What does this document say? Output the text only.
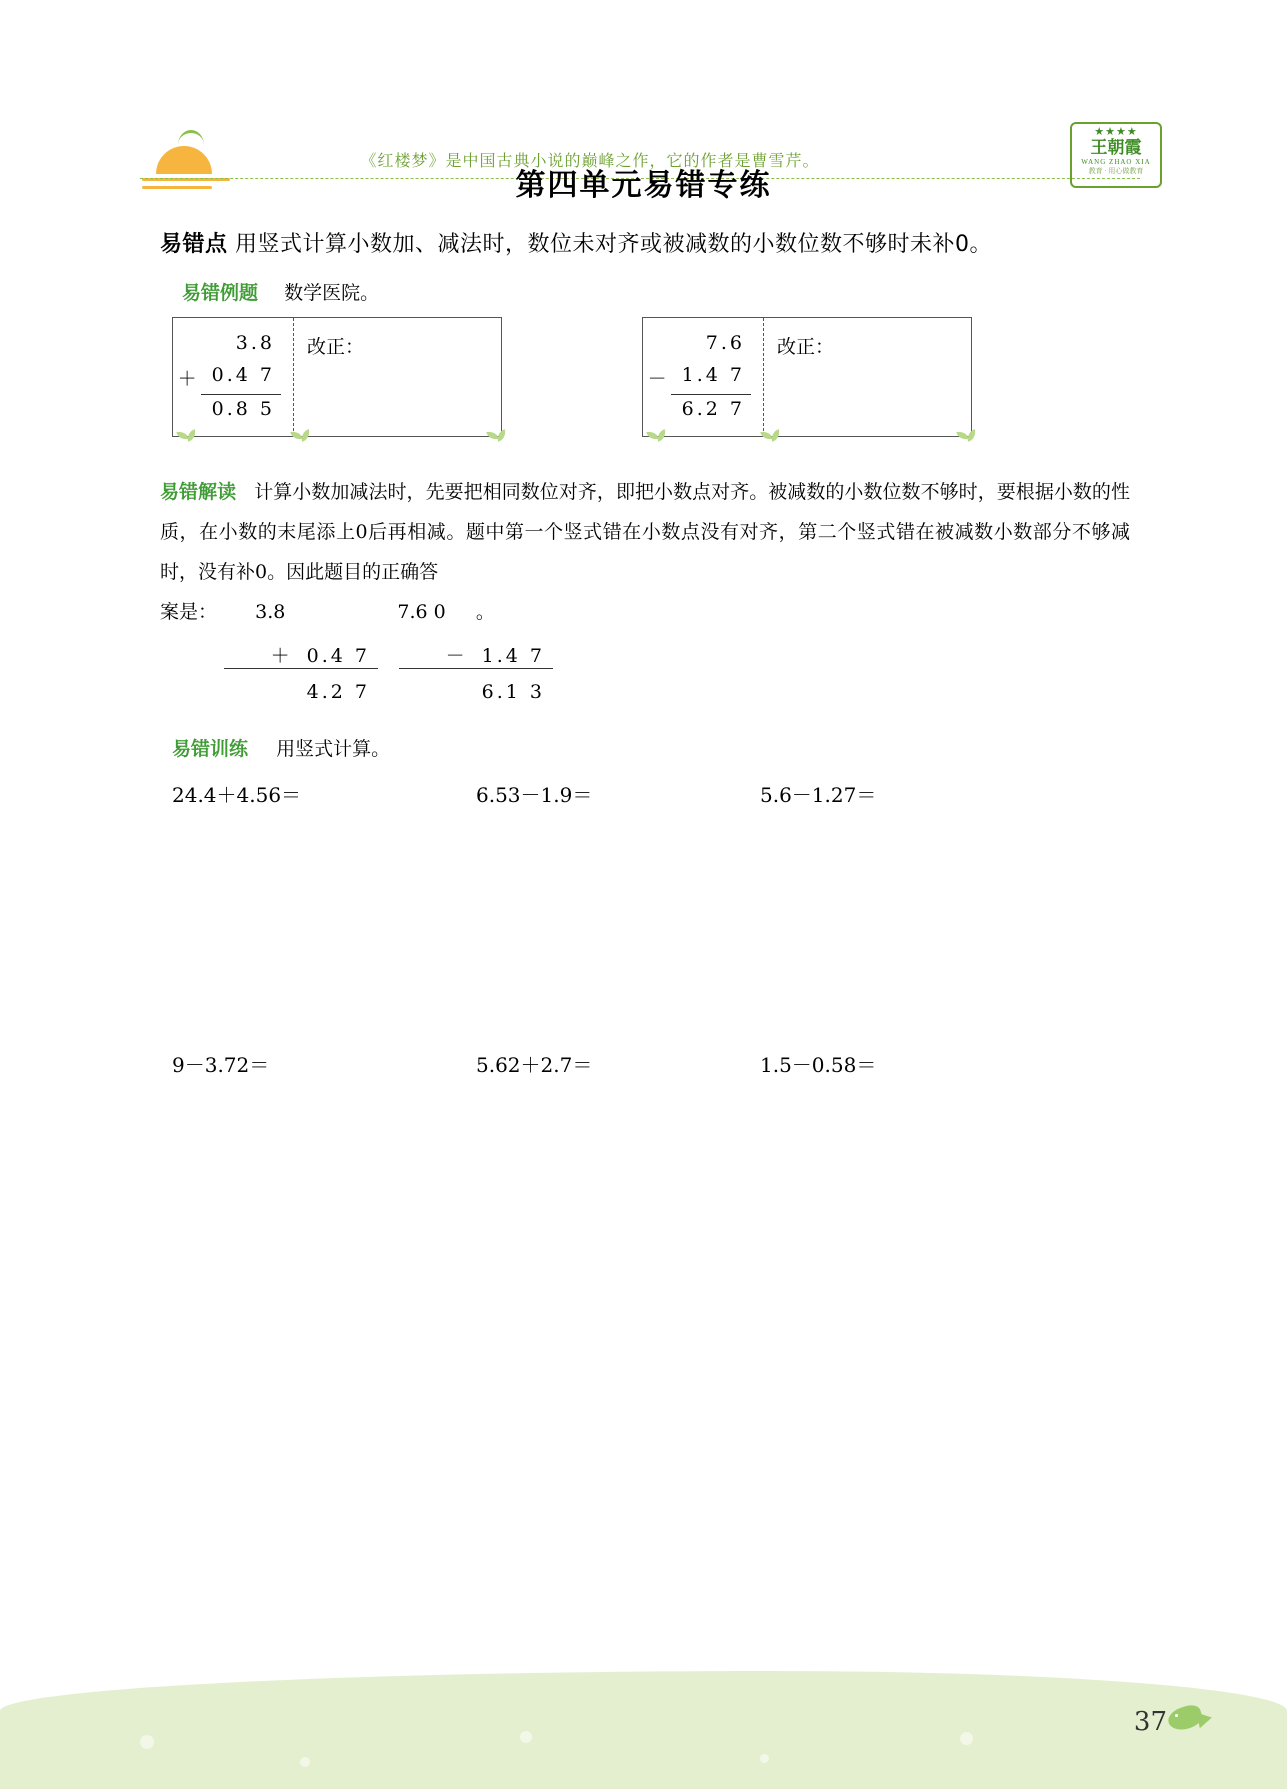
《红楼梦》是中国古典小说的巅峰之作，它的作者是曹雪芹。
★★★★
王朝霞
WANG ZHAO XIA
教育 · 用心做教育
第四单元易错专练
易错点 用竖式计算小数加、减法时，数位未对齐或被减数的小数位数不够时未补0。
易错例题 数学医院。
3.8
＋ 0.4 7
0.8 5
改正：	7.6
－ 1.4 7
6.2 7
改正：

易错解读 计算小数加减法时，先要把相同数位对齐，即把小数点对齐。被减数的小数位数不够时，要根据小数的性质，在小数的末尾添上0后再相减。题中第一个竖式错在小数点没有对齐，第二个竖式错在被减数小数部分不够减时，没有补0。因此题目的正确答

案是： 3.8	7.6 0 。
＋ 0.4 7
4.2 7
－ 1.4 7
6.1 3
易错训练 用竖式计算。
24.4＋4.56＝	6.53－1.9＝	5.6－1.27＝
9－3.72＝	5.62＋2.7＝	1.5－0.58＝
37
